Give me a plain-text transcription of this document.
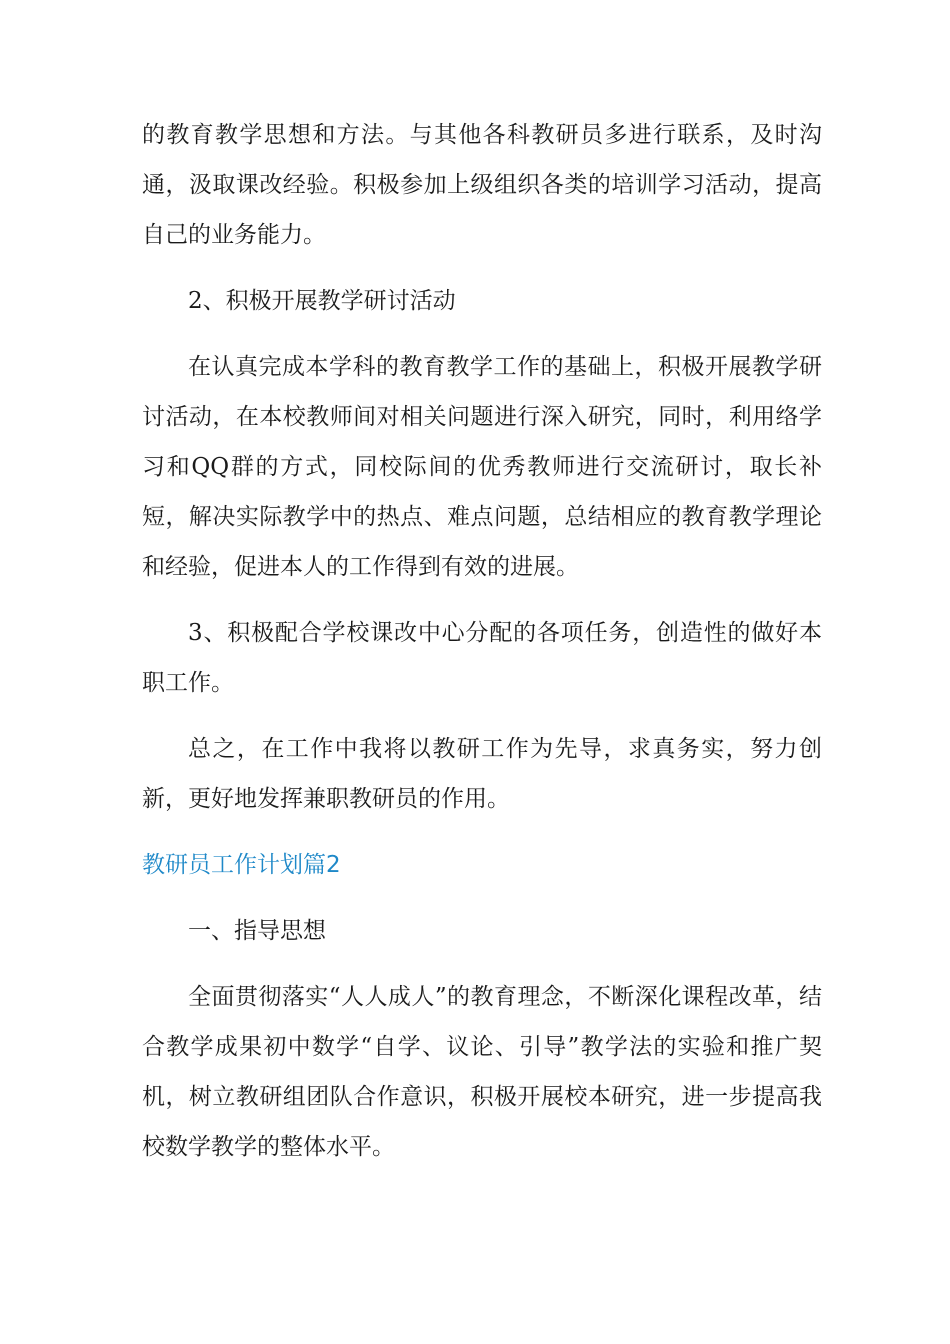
的教育教学思想和方法。与其他各科教研员多进行联系，及时沟通，汲取课改经验。积极参加上级组织各类的培训学习活动，提高自己的业务能力。

2、积极开展教学研讨活动

在认真完成本学科的教育教学工作的基础上，积极开展教学研讨活动，在本校教师间对相关问题进行深入研究，同时，利用络学习和QQ群的方式，同校际间的优秀教师进行交流研讨，取长补短，解决实际教学中的热点、难点问题，总结相应的教育教学理论和经验，促进本人的工作得到有效的进展。

3、积极配合学校课改中心分配的各项任务，创造性的做好本职工作。

总之，在工作中我将以教研工作为先导，求真务实，努力创新，更好地发挥兼职教研员的作用。

教研员工作计划篇2

一、指导思想

全面贯彻落实“人人成人”的教育理念，不断深化课程改革，结合教学成果初中数学“自学、议论、引导”教学法的实验和推广契机，树立教研组团队合作意识，积极开展校本研究，进一步提高我校数学教学的整体水平。
